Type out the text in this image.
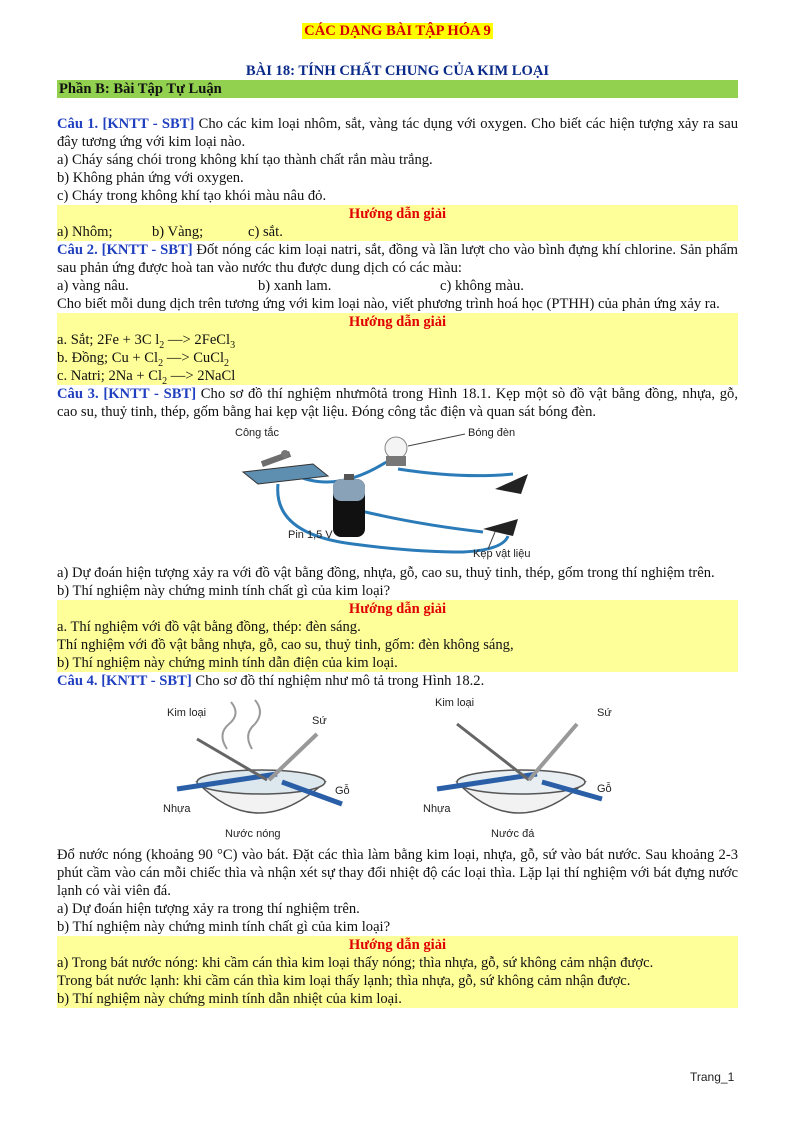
CÁC DẠNG BÀI TẬP HÓA 9
BÀI 18: TÍNH CHẤT CHUNG CỦA KIM LOẠI
Phần B: Bài Tập Tự Luận

Câu 1. [KNTT - SBT] Cho các kim loại nhôm, sắt, vàng tác dụng với oxygen. Cho biết các hiện tượng xảy ra sau đây tương ứng với kim loại nào.

a) Cháy sáng chói trong không khí tạo thành chất rắn màu trắng.

b) Không phản ứng với oxygen.

c) Cháy trong không khí tạo khói màu nâu đỏ.

Hướng dẫn giải

a) Nhôm;	b) Vàng;	c) sắt.

Câu 2. [KNTT - SBT] Đốt nóng các kim loại natri, sắt, đồng và lần lượt cho vào bình đựng khí chlorine. Sản phẩm sau phản ứng được hoà tan vào nước thu được dung dịch có các màu:

a) vàng nâu.	b) xanh lam.	c) không màu.

Cho biết mỗi dung dịch trên tương ứng với kim loại nào, viết phương trình hoá học (PTHH) của phản ứng xảy ra.

Hướng dẫn giải

a. Sắt; 2Fe + 3C $l_2$ —> 2FeCl$_3$

b. Đồng; $Cu + Cl_2$ —> CuCl$_2$

c. Natri; $2Na + Cl_2$ —> 2NaCl

Câu 3. [KNTT - SBT] Cho sơ đồ thí nghiệm nhưmôtả trong Hình 18.1. Kẹp một sò đồ vật bằng đồng, nhựa, gỗ, cao su, thuỷ tinh, thép, gốm bằng hai kẹp vật liệu. Đóng công tắc điện và quan sát bóng đèn.

Công tắc	Bóng đèn
Pin 1,5 V
Kẹp vật liệu

a) Dự đoán hiện tượng xảy ra với đồ vật bằng đồng, nhựa, gỗ, cao su, thuỷ tinh, thép, gốm trong thí nghiệm trên.

b) Thí nghiệm này chứng minh tính chất gì của kim loại?

Hướng dẫn giải

a. Thí nghiệm với đồ vật bằng đồng, thép: đèn sáng.

Thí nghiệm với đồ vật bằng nhựa, gỗ, cao su, thuỷ tinh, gốm: đèn không sáng,

b) Thí nghiệm này chứng minh tính dẫn điện của kim loại.

Câu 4. [KNTT - SBT] Cho sơ đồ thí nghiệm như mô tả trong Hình 18.2.

Kim loại
Sứ
Gỗ
Nhựa
Nước nóng
Kim loại
Sứ
Gỗ
Nhựa
Nước đá

Đổ nước nóng (khoảng 90 °C) vào bát. Đặt các thìa làm bằng kim loại, nhựa, gỗ, sứ vào bát nước. Sau khoảng 2-3 phút cầm vào cán mỗi chiếc thìa và nhận xét sự thay đổi nhiệt độ các loại thìa. Lặp lại thí nghiệm với bát đựng nước lạnh có vài viên đá.

a) Dự đoán hiện tượng xảy ra trong thí nghiệm trên.

b) Thí nghiệm này chứng minh tính chất gì của kim loại?

Hướng dẫn giải

a) Trong bát nước nóng: khi cầm cán thìa kim loại thấy nóng; thìa nhựa, gỗ, sứ không cảm nhận được.

Trong bát nước lạnh: khi cầm cán thìa kim loại thấy lạnh; thìa nhựa, gỗ, sứ không cảm nhận được.

b) Thí nghiệm này chứng minh tính dẫn nhiệt của kim loại.

Trang_1
